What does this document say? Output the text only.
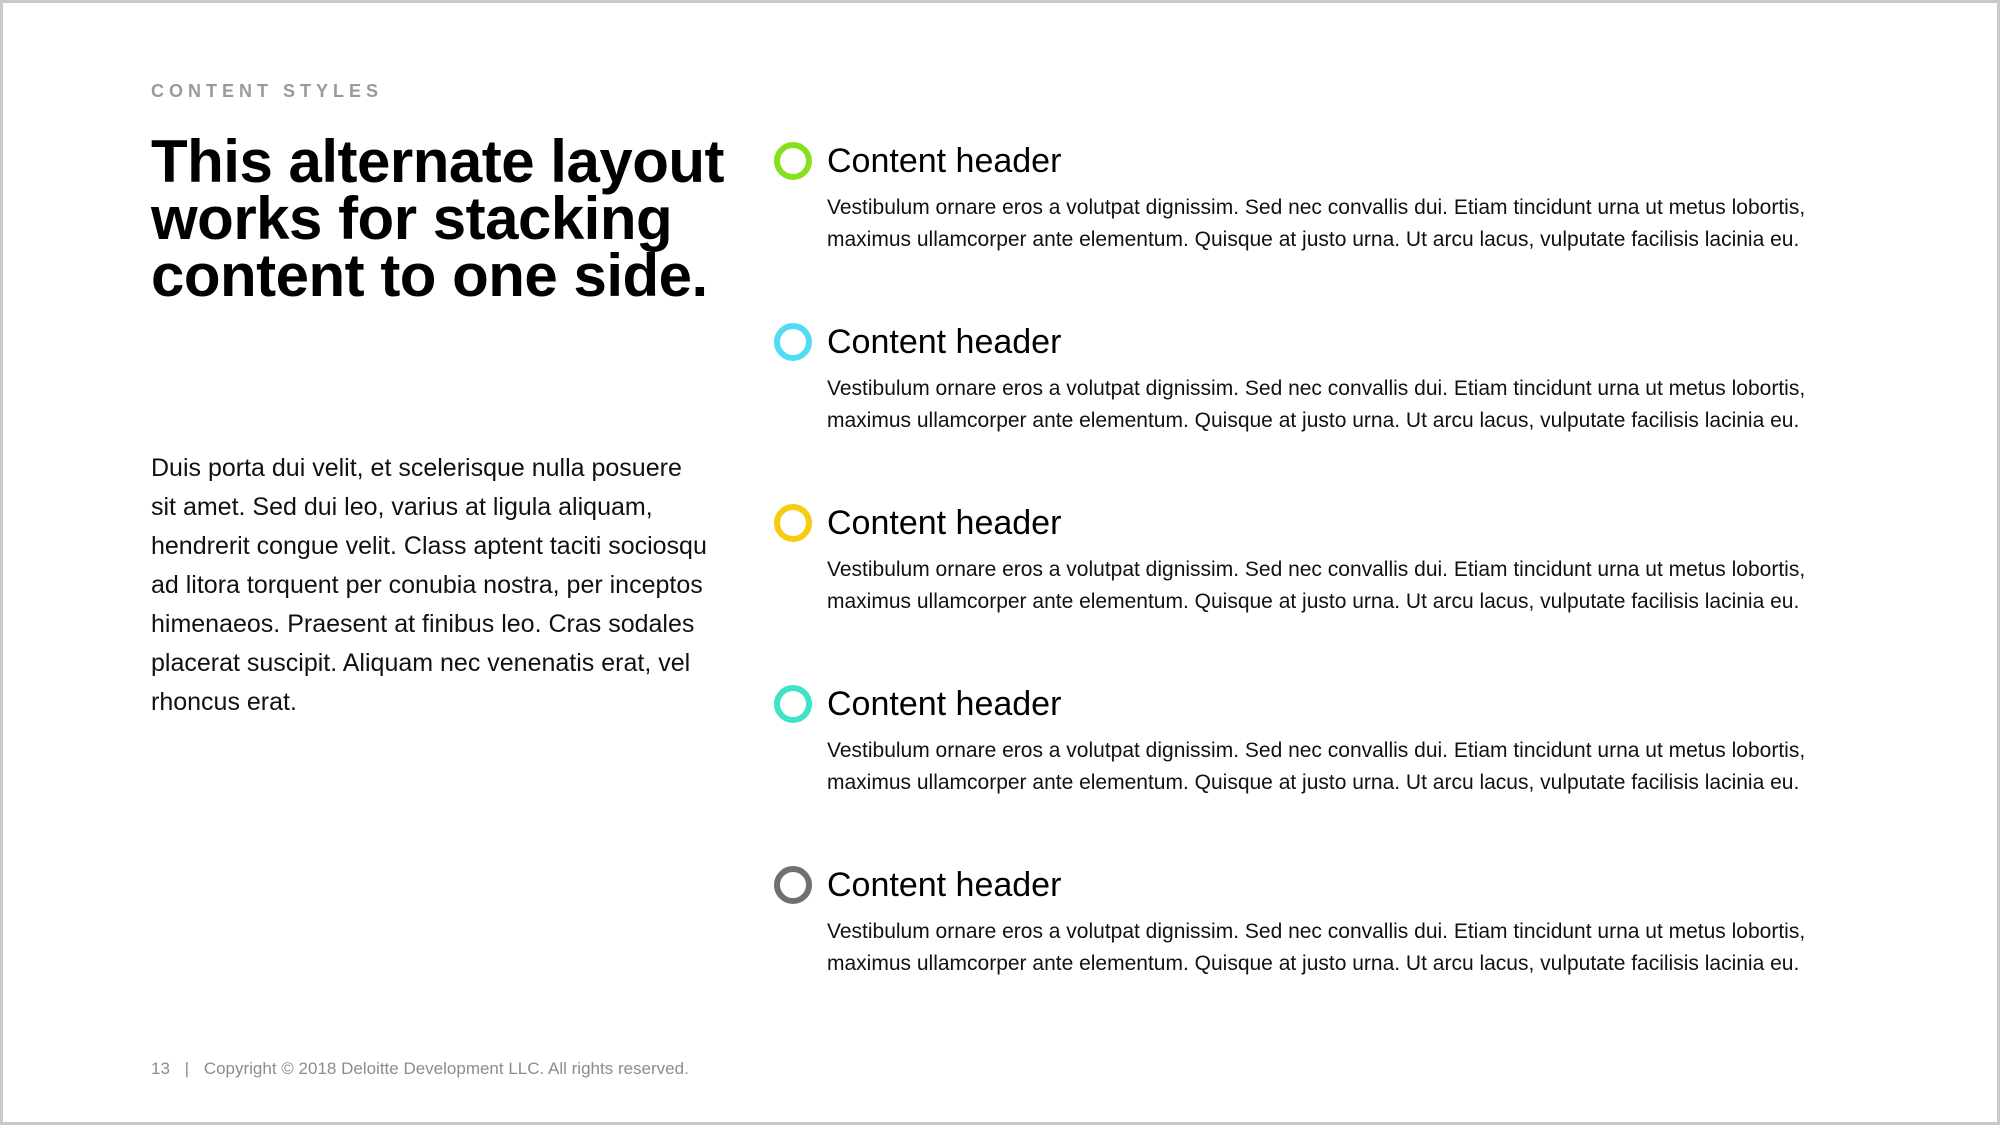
CONTENT STYLES
This alternate layout works for stacking content to one side.

Duis porta dui velit, et scelerisque nulla posuere sit amet. Sed dui leo, varius at ligula aliquam, hendrerit congue velit. Class aptent taciti sociosqu ad litora torquent per conubia nostra, per inceptos himenaeos. Praesent at finibus leo. Cras sodales placerat suscipit. Aliquam nec venenatis erat, vel rhoncus erat.

Content header
Vestibulum ornare eros a volutpat dignissim. Sed nec convallis dui. Etiam tincidunt urna ut metus lobortis, maximus ullamcorper ante elementum. Quisque at justo urna. Ut arcu lacus, vulputate facilisis lacinia eu.
Content header
Vestibulum ornare eros a volutpat dignissim. Sed nec convallis dui. Etiam tincidunt urna ut metus lobortis, maximus ullamcorper ante elementum. Quisque at justo urna. Ut arcu lacus, vulputate facilisis lacinia eu.
Content header
Vestibulum ornare eros a volutpat dignissim. Sed nec convallis dui. Etiam tincidunt urna ut metus lobortis, maximus ullamcorper ante elementum. Quisque at justo urna. Ut arcu lacus, vulputate facilisis lacinia eu.
Content header
Vestibulum ornare eros a volutpat dignissim. Sed nec convallis dui. Etiam tincidunt urna ut metus lobortis, maximus ullamcorper ante elementum. Quisque at justo urna. Ut arcu lacus, vulputate facilisis lacinia eu.
Content header
Vestibulum ornare eros a volutpat dignissim. Sed nec convallis dui. Etiam tincidunt urna ut metus lobortis, maximus ullamcorper ante elementum. Quisque at justo urna. Ut arcu lacus, vulputate facilisis lacinia eu.
13 | Copyright © 2018 Deloitte Development LLC. All rights reserved.
